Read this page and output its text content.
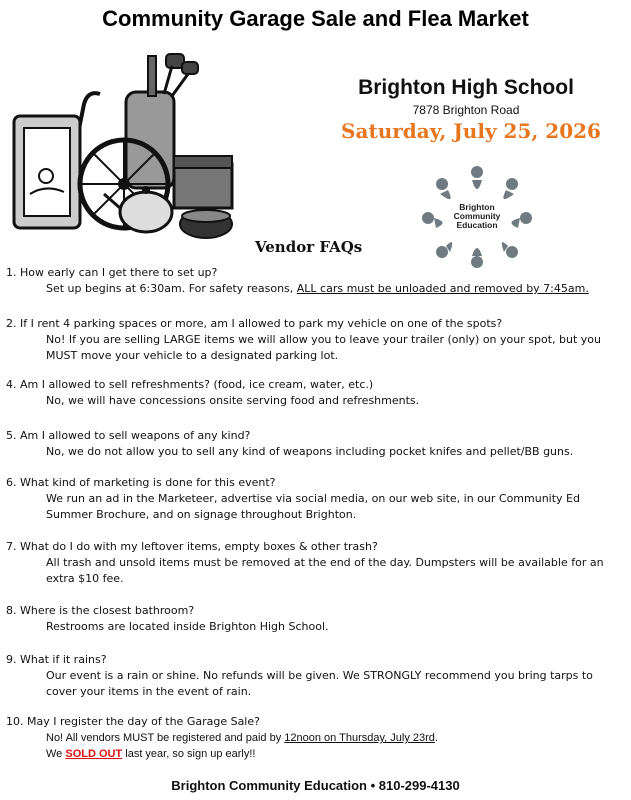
Community Garage Sale and Flea Market
Brighton High School
7878 Brighton Road
Saturday, July 25, 2026
Brighton
Community
Education
Vendor FAQs

1. How early can I get there to set up?

Set up begins at 6:30am. For safety reasons, ALL cars must be unloaded and removed by 7:45am.

2. If I rent 4 parking spaces or more, am I allowed to park my vehicle on one of the spots?

No! If you are selling LARGE items we will allow you to leave your trailer (only) on your spot, but you MUST move your vehicle to a designated parking lot.

4. Am I allowed to sell refreshments? (food, ice cream, water, etc.)

No, we will have concessions onsite serving food and refreshments.

5. Am I allowed to sell weapons of any kind?

No, we do not allow you to sell any kind of weapons including pocket knifes and pellet/BB guns.

6. What kind of marketing is done for this event?

We run an ad in the Marketeer, advertise via social media, on our web site, in our Community Ed Summer Brochure, and on signage throughout Brighton.

7. What do I do with my leftover items, empty boxes & other trash?

All trash and unsold items must be removed at the end of the day. Dumpsters will be available for an extra $10 fee.

8. Where is the closest bathroom?

Restrooms are located inside Brighton High School.

9. What if it rains?

Our event is a rain or shine. No refunds will be given. We STRONGLY recommend you bring tarps to cover your items in the event of rain.

10. May I register the day of the Garage Sale?

No! All vendors MUST be registered and paid by 12noon on Thursday, July 23rd.

We SOLD OUT last year, so sign up early!!

Brighton Community Education • 810-299-4130
